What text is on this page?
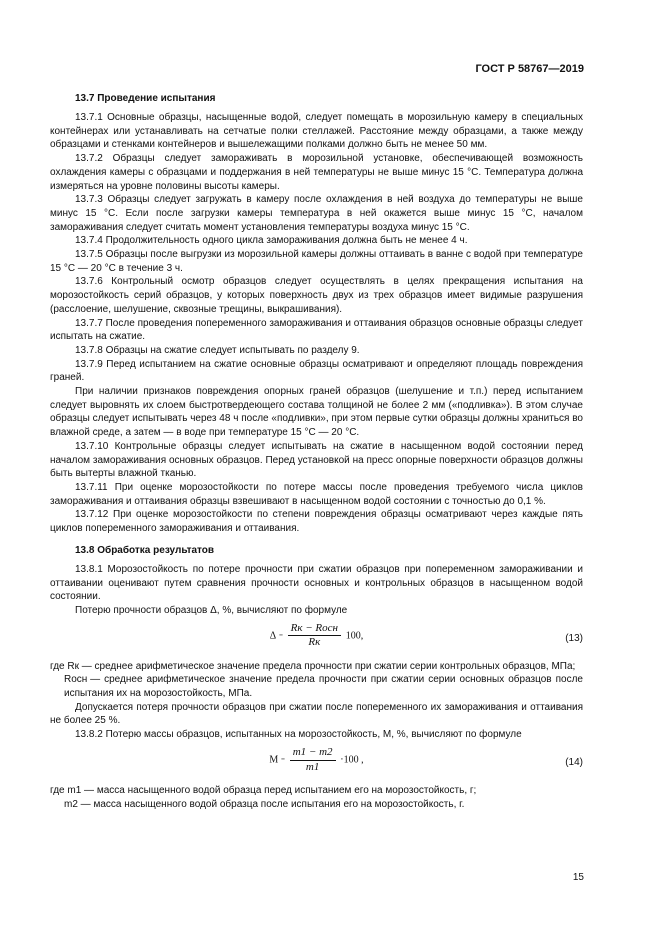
ГОСТ Р 58767—2019
13.7 Проведение испытания

13.7.1 Основные образцы, насыщенные водой, следует помещать в морозильную камеру в специальных контейнерах или устанавливать на сетчатые полки стеллажей. Расстояние между образцами, а также между образцами и стенками контейнеров и вышележащими полками должно быть не менее 50 мм.

13.7.2 Образцы следует замораживать в морозильной установке, обеспечивающей возможность охлаждения камеры с образцами и поддержания в ней температуры не выше минус 15 °С. Температура должна измеряться на уровне половины высоты камеры.

13.7.3 Образцы следует загружать в камеру после охлаждения в ней воздуха до температуры не выше минус 15 °С. Если после загрузки камеры температура в ней окажется выше минус 15 °С, началом замораживания следует считать момент установления температуры воздуха минус 15 °С.

13.7.4 Продолжительность одного цикла замораживания должна быть не менее 4 ч.

13.7.5 Образцы после выгрузки из морозильной камеры должны оттаивать в ванне с водой при температуре 15 °С — 20 °С в течение 3 ч.

13.7.6 Контрольный осмотр образцов следует осуществлять в целях прекращения испытания на морозостойкость серий образцов, у которых поверхность двух из трех образцов имеет видимые разрушения (расслоение, шелушение, сквозные трещины, выкрашивания).

13.7.7 После проведения попеременного замораживания и оттаивания образцов основные образцы следует испытать на сжатие.

13.7.8 Образцы на сжатие следует испытывать по разделу 9.

13.7.9 Перед испытанием на сжатие основные образцы осматривают и определяют площадь повреждения граней.

При наличии признаков повреждения опорных граней образцов (шелушение и т.п.) перед испытанием следует выровнять их слоем быстротвердеющего состава толщиной не более 2 мм («подливка»). В этом случае образцы следует испытывать через 48 ч после «подливки», при этом первые сутки образцы должны храниться во влажной среде, а затем — в воде при температуре 15 °С — 20 °С.

13.7.10 Контрольные образцы следует испытывать на сжатие в насыщенном водой состоянии перед началом замораживания основных образцов. Перед установкой на пресс опорные поверхности образцов должны быть вытерты влажной тканью.

13.7.11 При оценке морозостойкости по потере массы после проведения требуемого числа циклов замораживания и оттаивания образцы взвешивают в насыщенном водой состоянии с точностью до 0,1 %.

13.7.12 При оценке морозостойкости по степени повреждения образцы осматривают через каждые пять циклов попеременного замораживания и оттаивания.

13.8 Обработка результатов

13.8.1 Морозостойкость по потере прочности при сжатии образцов при попеременном замораживании и оттаивании оценивают путем сравнения прочности основных и контрольных образцов в насыщенном водой состоянии.

Потерю прочности образцов Δ, %, вычисляют по формуле

$\Delta = \frac{\text{Rк − Rосн}}{Rк} 100$,	(13)

где Rк — среднее арифметическое значение предела прочности при сжатии серии контрольных образцов, МПа;

Rосн — среднее арифметическое значение предела прочности при сжатии серии основных образцов после испытания их на морозостойкость, МПа.

Допускается потеря прочности образцов при сжатии после попеременного их замораживания и оттаивания не более 25 %.

13.8.2 Потерю массы образцов, испытанных на морозостойкость, М, %, вычисляют по формуле

$М = \frac{m1 - m2}{m1} \cdot 100$ ,	(14)

где m1 — масса насыщенного водой образца перед испытанием его на морозостойкость, г;

m2 — масса насыщенного водой образца после испытания его на морозостойкость, г.

15
